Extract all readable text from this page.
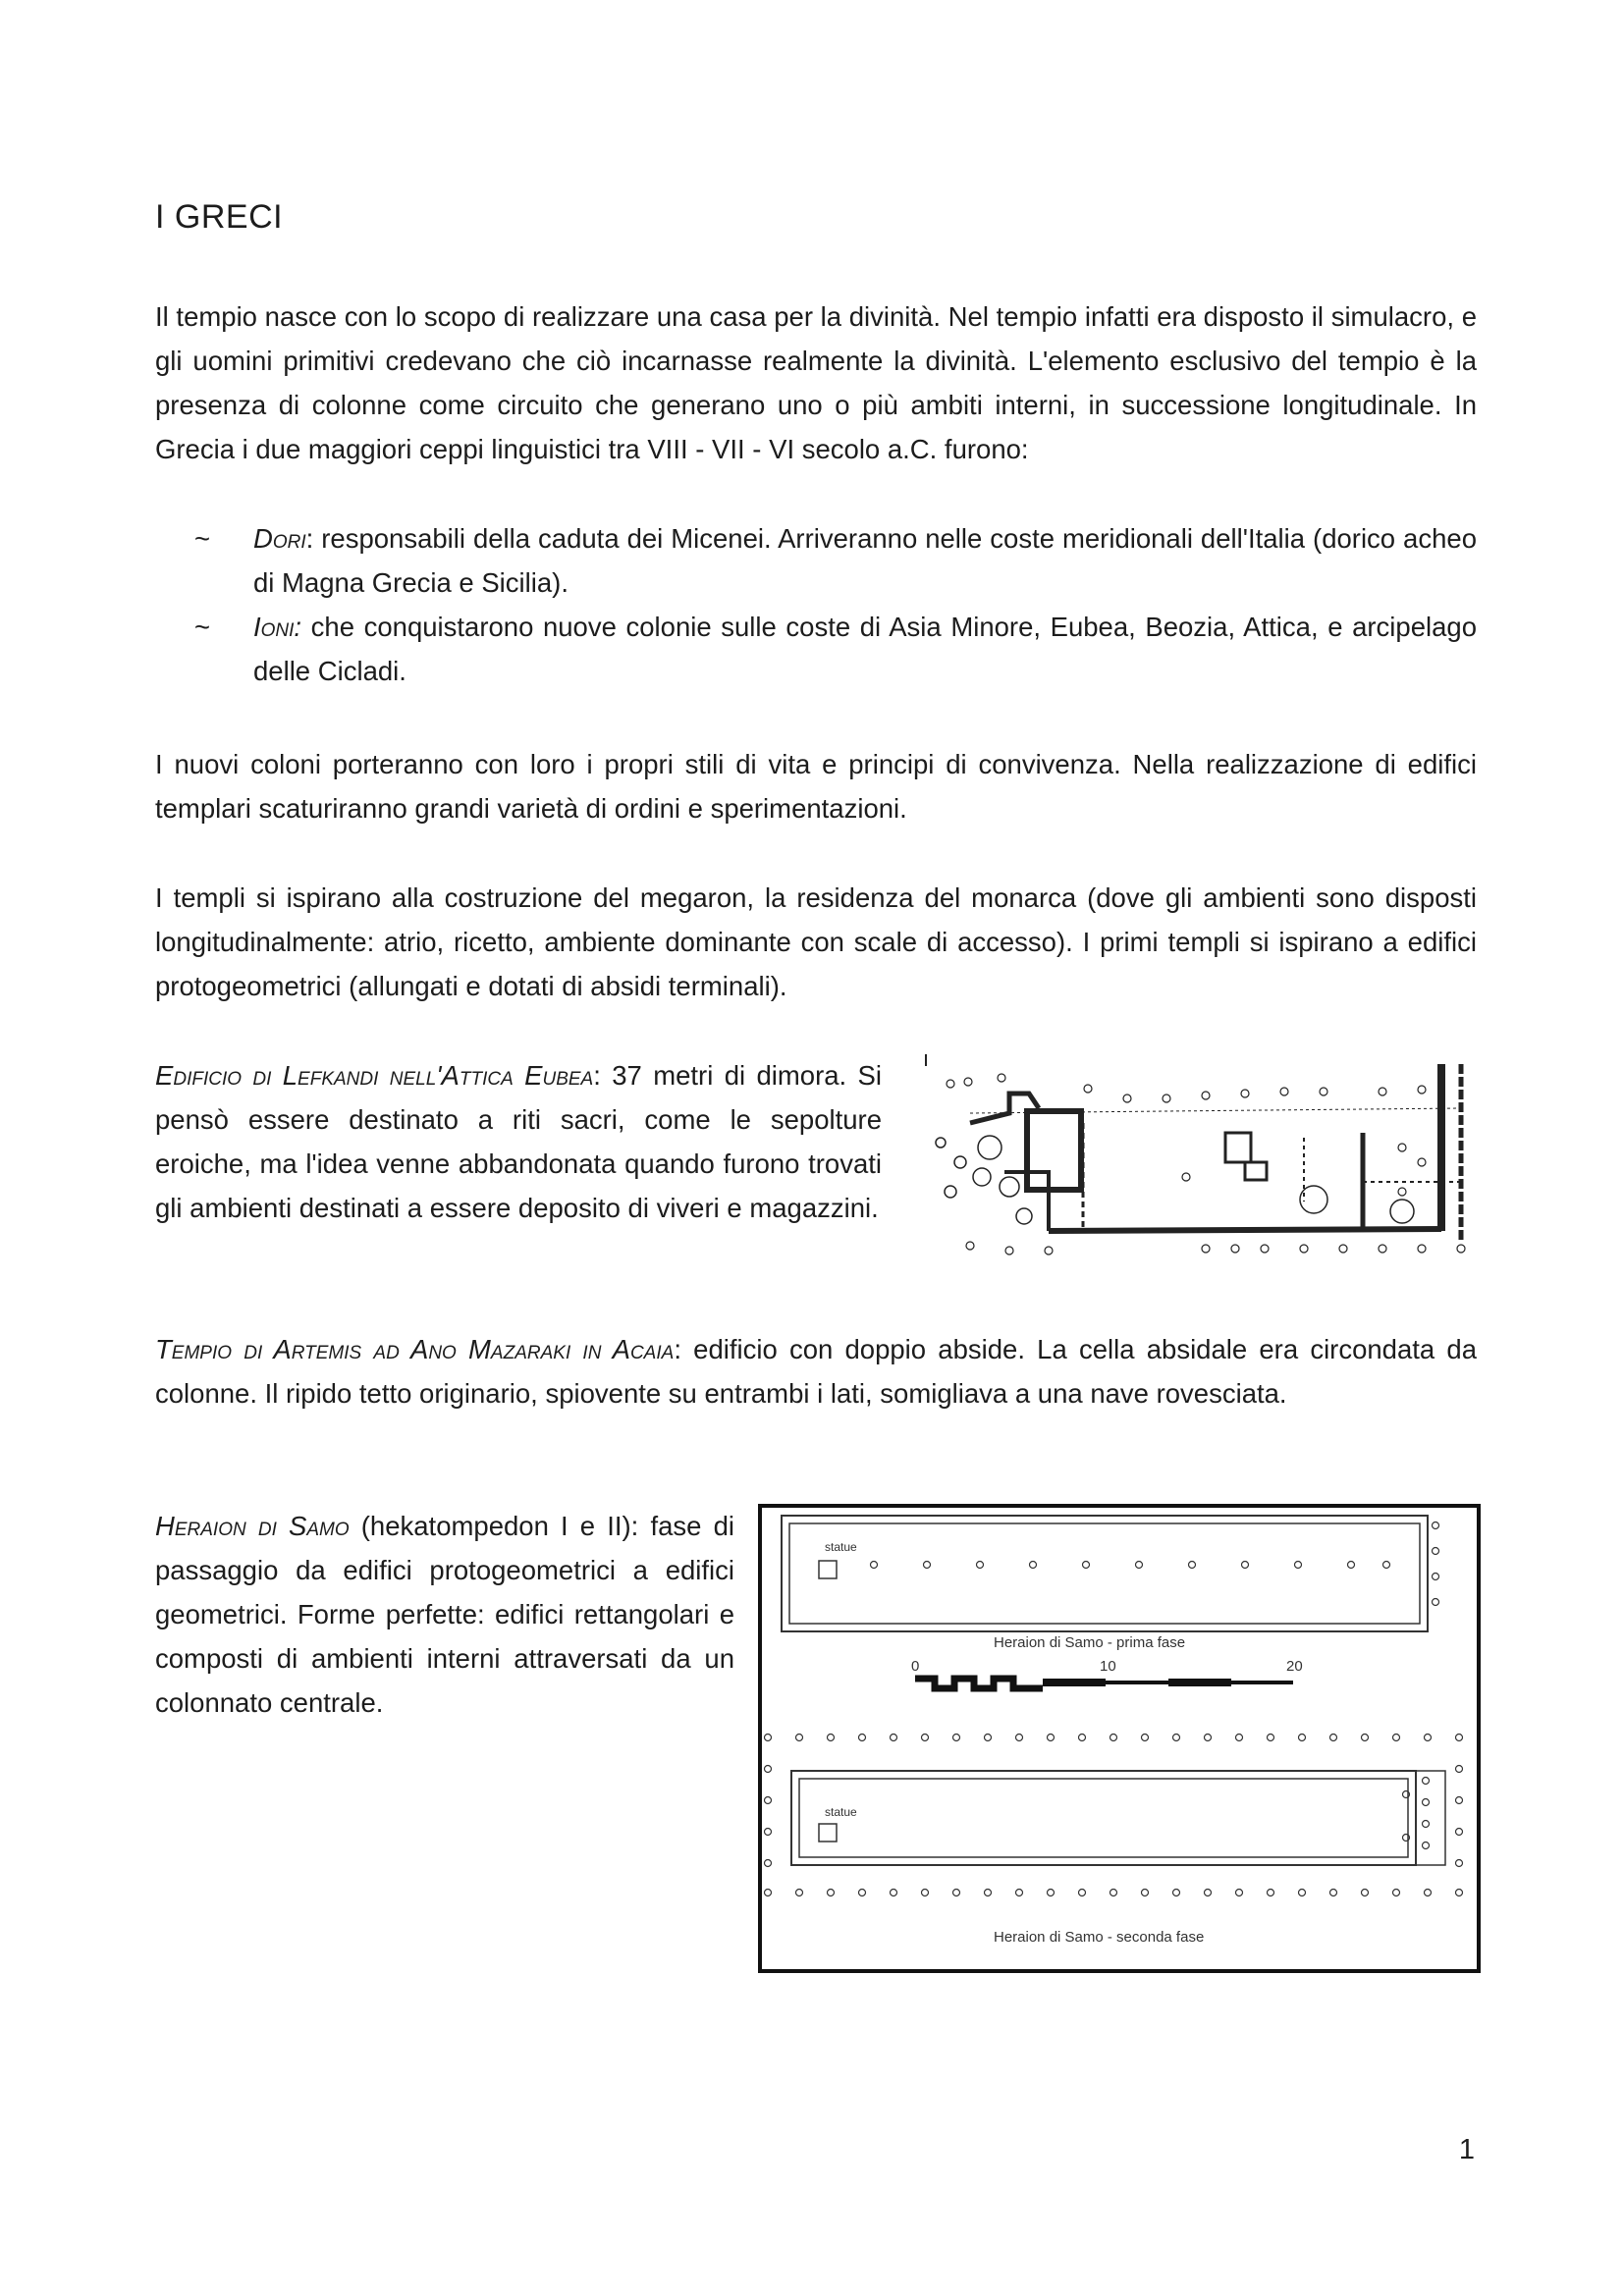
I GRECI

Il tempio nasce con lo scopo di realizzare una casa per la divinità. Nel tempio infatti era disposto il simulacro, e gli uomini primitivi credevano che ciò incarnasse realmente la divinità. L'elemento esclusivo del tempio è la presenza di colonne come circuito che generano uno o più ambiti interni, in successione longitudinale. In Grecia i due maggiori ceppi linguistici tra VIII - VII - VI secolo a.C. furono:

~ Dori: responsabili della caduta dei Micenei. Arriveranno nelle coste meridionali dell'Italia (dorico acheo di Magna Grecia e Sicilia).
~ Ioni: che conquistarono nuove colonie sulle coste di Asia Minore, Eubea, Beozia, Attica, e arcipelago delle Cicladi.

I nuovi coloni porteranno con loro i propri stili di vita e principi di convivenza. Nella realizzazione di edifici templari scaturiranno grandi varietà di ordini e sperimentazioni.

I templi si ispirano alla costruzione del megaron, la residenza del monarca (dove gli ambienti sono disposti longitudinalmente: atrio, ricetto, ambiente dominante con scale di accesso). I primi templi si ispirano a edifici protogeometrici (allungati e dotati di absidi terminali).

Edificio di Lefkandi nell'Attica Eubea: 37 metri di dimora. Si pensò essere destinato a riti sacri, come le sepolture eroiche, ma l'idea venne abbandonata quando furono trovati gli ambienti destinati a essere deposito di viveri e magazzini.

Tempio di Artemis ad Ano Mazaraki in Acaia: edificio con doppio abside. La cella absidale era circondata da colonne. Il ripido tetto originario, spiovente su entrambi i lati, somigliava a una nave rovesciata.

Heraion di Samo (hekatompedon I e II): fase di passaggio da edifici protogeometrici a edifici geometrici. Forme perfette: edifici rettangolari e composti di ambienti interni attraversati da un colonnato centrale.

statue
Heraion di Samo - prima fase
0	10	20
statue
Heraion di Samo - seconda fase
1
